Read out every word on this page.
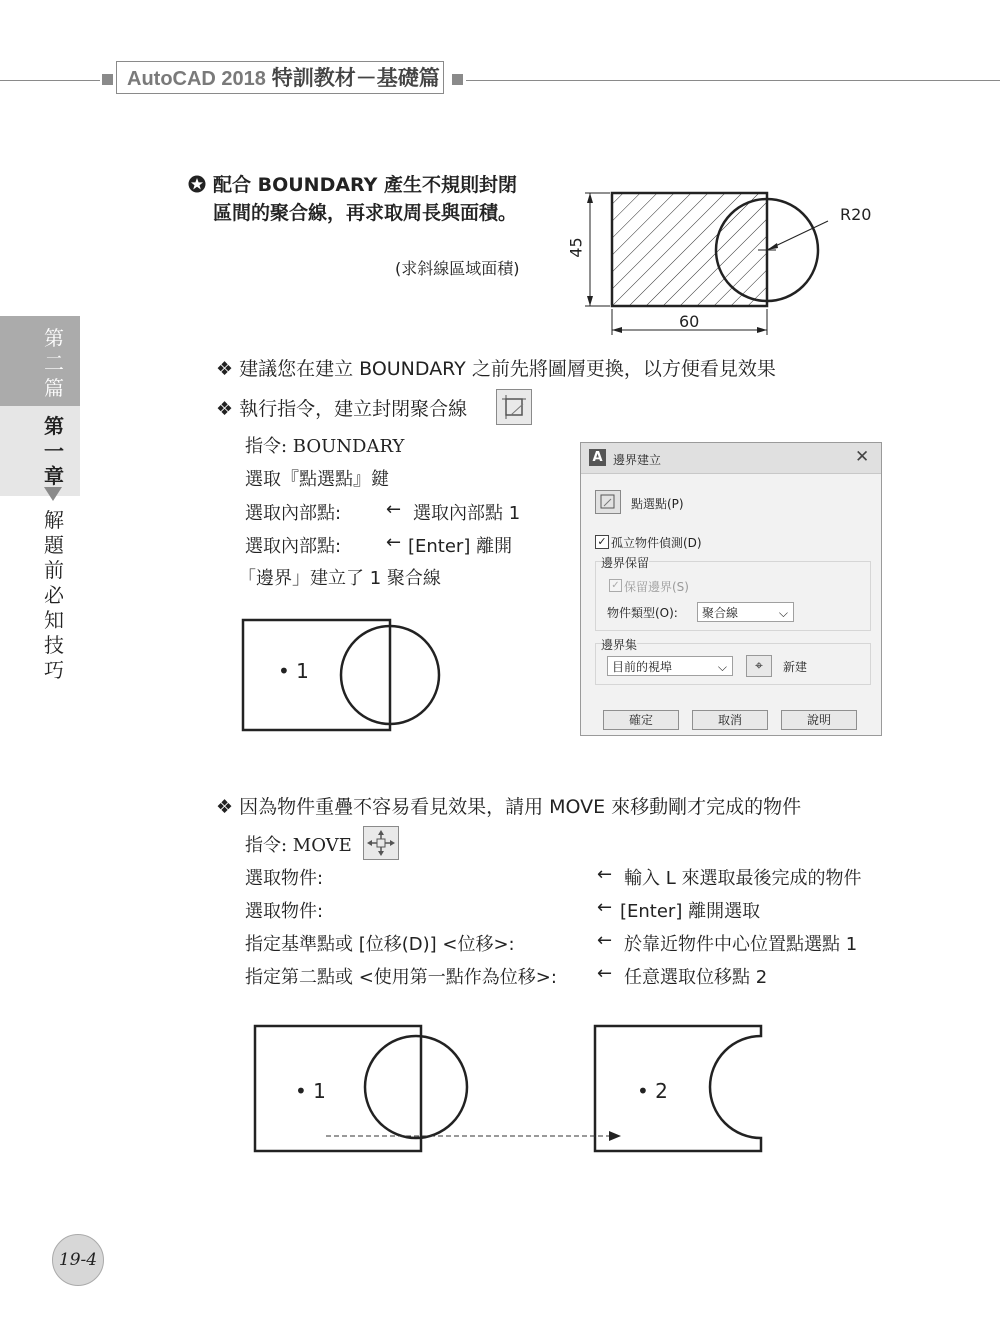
AutoCAD 2018 特訓教材－基礎篇
第二篇
第一章
解題前必知技巧
配合 BOUNDARY 產生不規則封閉
區間的聚合線，再求取周長與面積。
(求斜線區域面積)
45
60
R20
❖ 建議您在建立 BOUNDARY 之前先將圖層更換，以方便看見效果
❖ 執行指令，建立封閉聚合線
指令: BOUNDARY
選取『點選點』鍵
選取內部點: ← 選取內部點 1
選取內部點: ← [Enter] 離開
「邊界」建立了 1 聚合線
• 1
A 邊界建立	✕
點選點(P)
✓ 孤立物件偵測(D)
邊界保留
✓ 保留邊界(S)
物件類型(O):	聚合線	⌵
邊界集
目前的視埠	⌵	⌖	新建
確定	取消	說明
❖ 因為物件重疊不容易看見效果，請用 MOVE 來移動剛才完成的物件
指令: MOVE
選取物件:	← 輸入 L 來選取最後完成的物件
選取物件:	← [Enter] 離開選取
指定基準點或 [位移(D)] <位移>:	← 於靠近物件中心位置點選點 1
指定第二點或 <使用第一點作為位移>: ← 任意選取位移點 2
• 1	• 2
19-4
